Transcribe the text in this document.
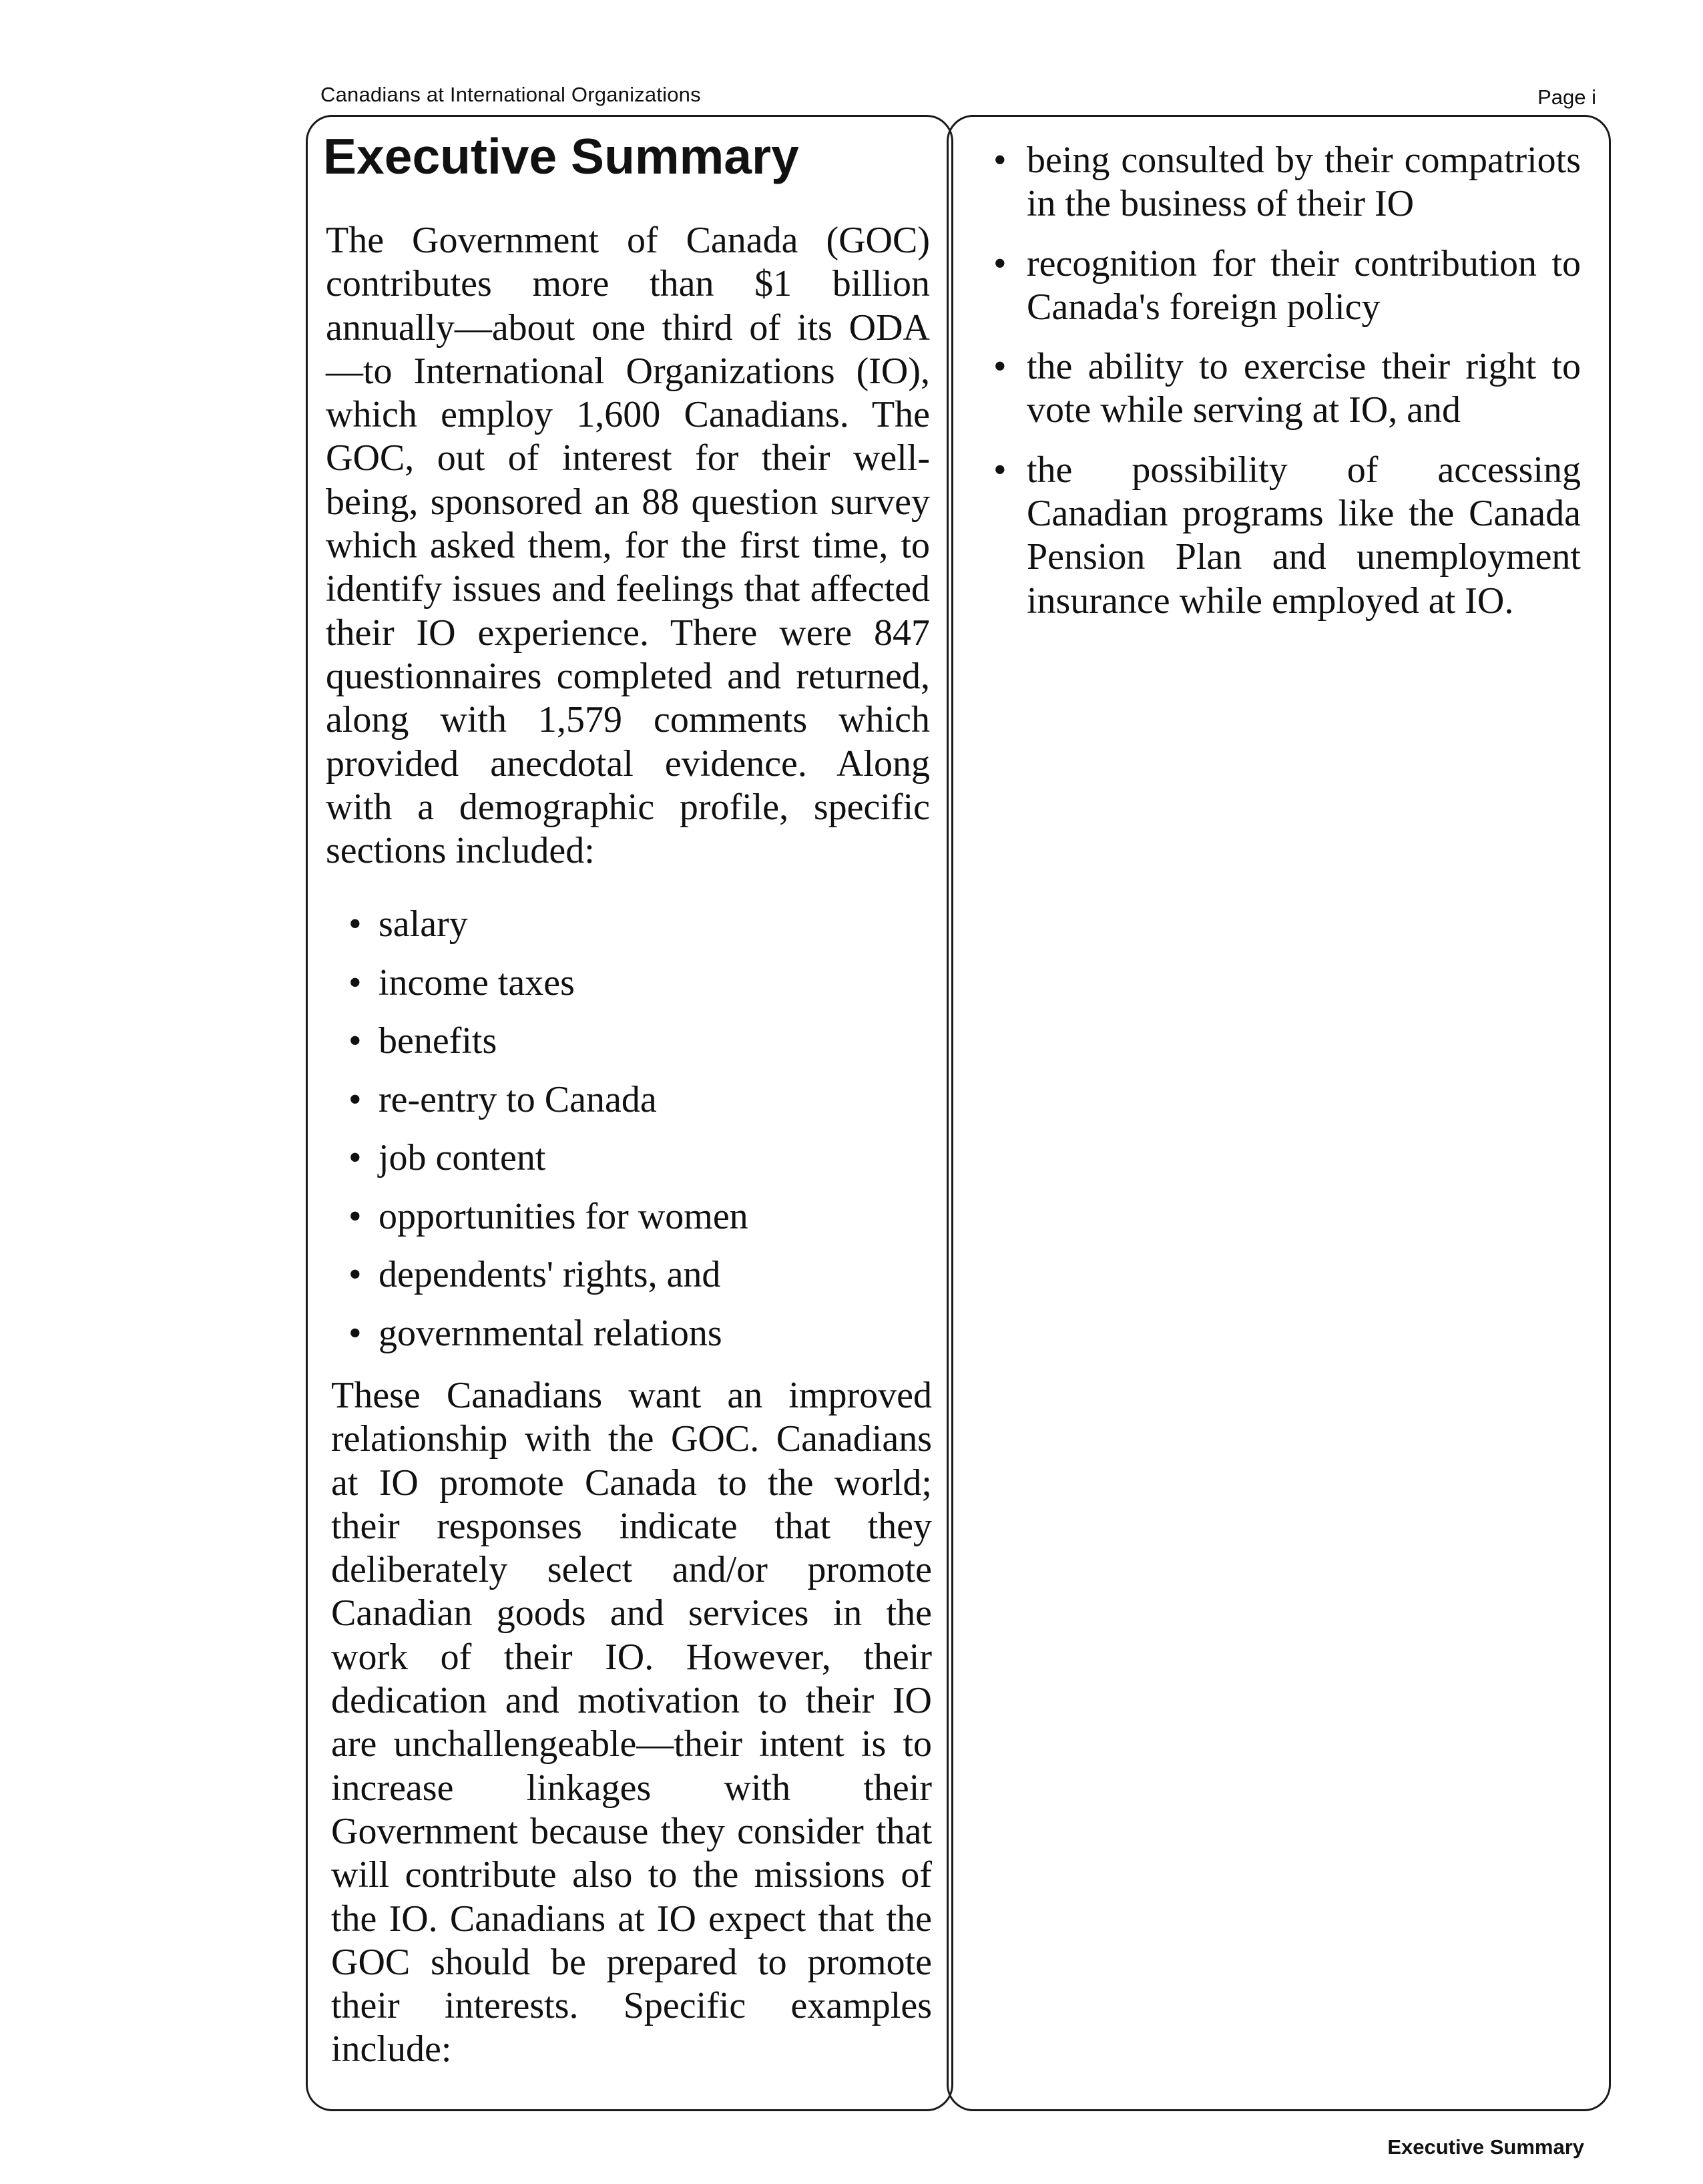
Canadians at International Organizations	Page i
Executive Summary

The Government of Canada (GOC) contributes more than $1 billion annually—about one third of its ODA—to International Organizations (IO), which employ 1,600 Canadians. The GOC, out of interest for their well-being, sponsored an 88 question survey which asked them, for the first time, to identify issues and feelings that affected their IO experience. There were 847 questionnaires completed and returned, along with 1,579 comments which provided anecdotal evidence. Along with a demographic profile, specific sections included:

• salary
• income taxes
• benefits
• re-entry to Canada
• job content
• opportunities for women
• dependents' rights, and
• governmental relations

These Canadians want an improved relationship with the GOC. Canadians at IO promote Canada to the world; their responses indicate that they deliberately select and/or promote Canadian goods and services in the work of their IO. However, their dedication and motivation to their IO are unchallengeable—their intent is to increase linkages with their Government because they consider that will contribute also to the missions of the IO. Canadians at IO expect that the GOC should be prepared to promote their interests. Specific examples include:

• being consulted by their compatriots in the business of their IO
• recognition for their contribution to Canada's foreign policy
• the ability to exercise their right to vote while serving at IO, and
• the possibility of accessing Canadian programs like the Canada Pension Plan and unemployment insurance while employed at IO.
Executive Summary
